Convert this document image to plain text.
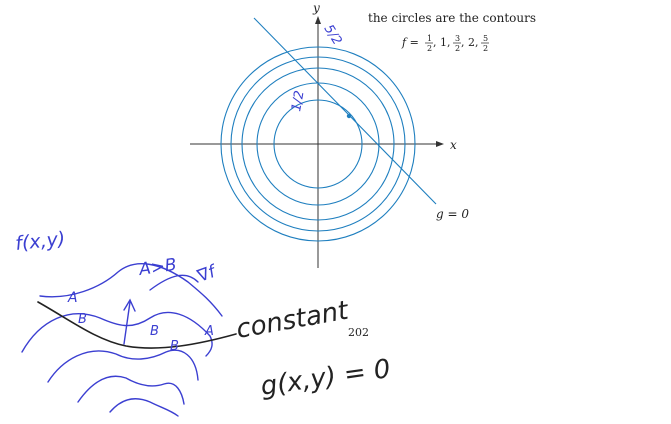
x
y
g = 0
the circles are the contours
f = 1
2 , 1 , 3
2 , 2 , 5
2
1/2
5/2
f(x,y)
A>B ∇f
A
B
B
B
A constant
g(x,y) = 0
202
